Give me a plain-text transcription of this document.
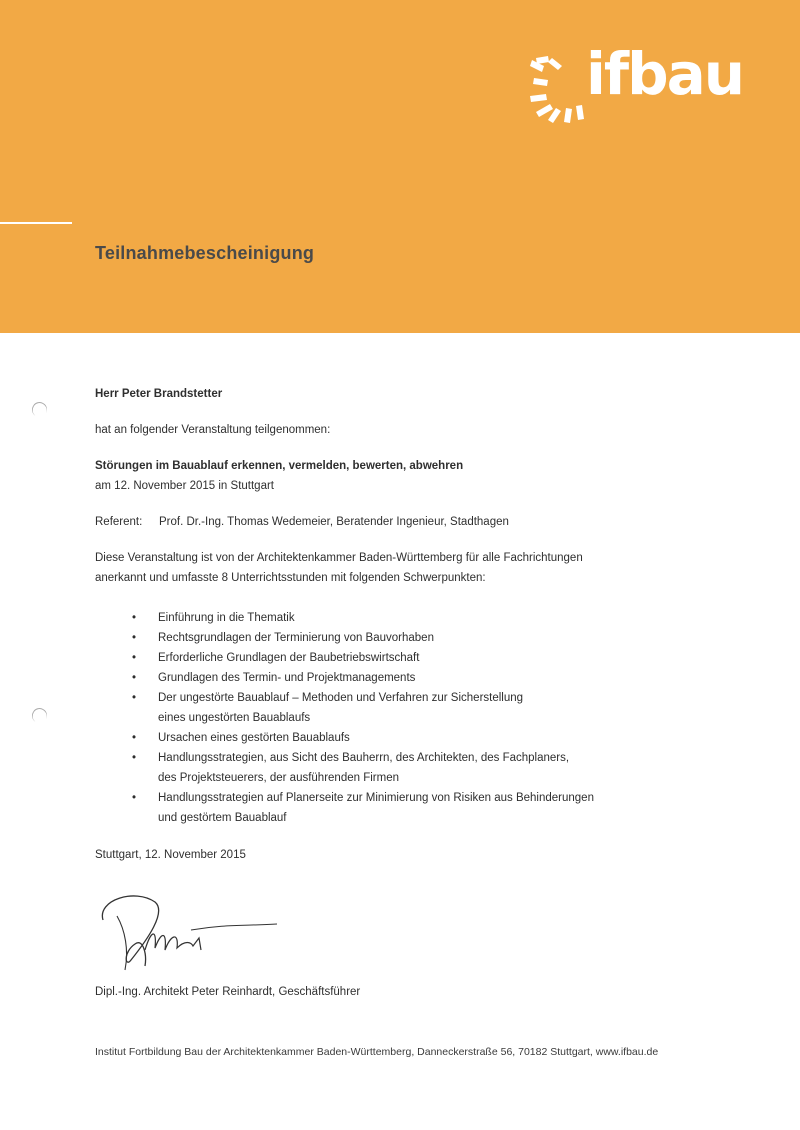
ifbau
Teilnahmebescheinigung
Herr Peter Brandstetter
hat an folgender Veranstaltung teilgenommen:
Störungen im Bauablauf erkennen, vermelden, bewerten, abwehren
am 12. November 2015 in Stuttgart
Referent: Prof. Dr.-Ing. Thomas Wedemeier, Beratender Ingenieur, Stadthagen
Diese Veranstaltung ist von der Architektenkammer Baden-Württemberg für alle Fachrichtungen
anerkannt und umfasste 8 Unterrichtsstunden mit folgenden Schwerpunkten:
•	Einführung in die Thematik
•	Rechtsgrundlagen der Terminierung von Bauvorhaben
•	Erforderliche Grundlagen der Baubetriebswirtschaft
•	Grundlagen des Termin- und Projektmanagements
•	Der ungestörte Bauablauf – Methoden und Verfahren zur Sicherstellung
eines ungestörten Bauablaufs
•	Ursachen eines gestörten Bauablaufs
•	Handlungsstrategien, aus Sicht des Bauherrn, des Architekten, des Fachplaners,
des Projektsteuerers, der ausführenden Firmen
•	Handlungsstrategien auf Planerseite zur Minimierung von Risiken aus Behinderungen
und gestörtem Bauablauf
Stuttgart, 12. November 2015
Dipl.-Ing. Architekt Peter Reinhardt, Geschäftsführer
Institut Fortbildung Bau der Architektenkammer Baden-Württemberg, Danneckerstraße 56, 70182 Stuttgart, www.ifbau.de
